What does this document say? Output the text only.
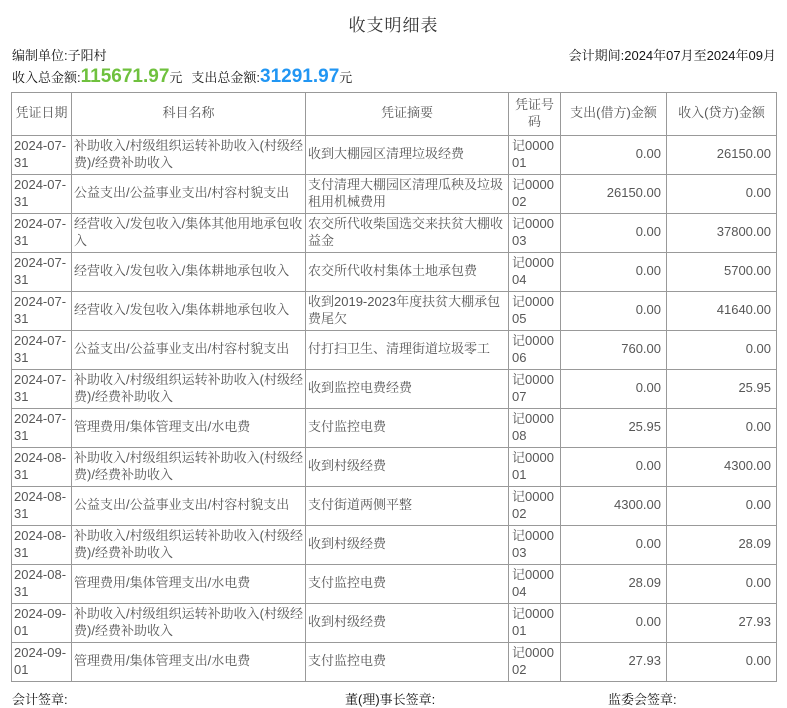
收支明细表
编制单位:子阳村	会计期间:2024年07月至2024年09月
收入总金额: 115671.97 元 支出总金额: 31291.97 元
凭证日期	科目名称	凭证摘要	凭证号码	支出(借方)金额	收入(贷方)金额
2024-07-31	补助收入/村级组织运转补助收入(村级经费)/经费补助收入	收到大棚园区清理垃圾经费	记000001	0.00	26150.00
2024-07-31	公益支出/公益事业支出/村容村貌支出	支付清理大棚园区清理瓜秧及垃圾租用机械费用	记000002	26150.00	0.00
2024-07-31	经营收入/发包收入/集体其他用地承包收入	农交所代收柴国选交来扶贫大棚收益金	记000003	0.00	37800.00
2024-07-31	经营收入/发包收入/集体耕地承包收入	农交所代收村集体土地承包费	记000004	0.00	5700.00
2024-07-31	经营收入/发包收入/集体耕地承包收入	收到2019-2023年度扶贫大棚承包费尾欠	记000005	0.00	41640.00
2024-07-31	公益支出/公益事业支出/村容村貌支出	付打扫卫生、清理街道垃圾零工	记000006	760.00	0.00
2024-07-31	补助收入/村级组织运转补助收入(村级经费)/经费补助收入	收到监控电费经费	记000007	0.00	25.95
2024-07-31	管理费用/集体管理支出/水电费	支付监控电费	记000008	25.95	0.00
2024-08-31	补助收入/村级组织运转补助收入(村级经费)/经费补助收入	收到村级经费	记000001	0.00	4300.00
2024-08-31	公益支出/公益事业支出/村容村貌支出	支付街道两侧平整	记000002	4300.00	0.00
2024-08-31	补助收入/村级组织运转补助收入(村级经费)/经费补助收入	收到村级经费	记000003	0.00	28.09
2024-08-31	管理费用/集体管理支出/水电费	支付监控电费	记000004	28.09	0.00
2024-09-01	补助收入/村级组织运转补助收入(村级经费)/经费补助收入	收到村级经费	记000001	0.00	27.93
2024-09-01	管理费用/集体管理支出/水电费	支付监控电费	记000002	27.93	0.00
会计签章:	董(理)事长签章:	监委会签章:
